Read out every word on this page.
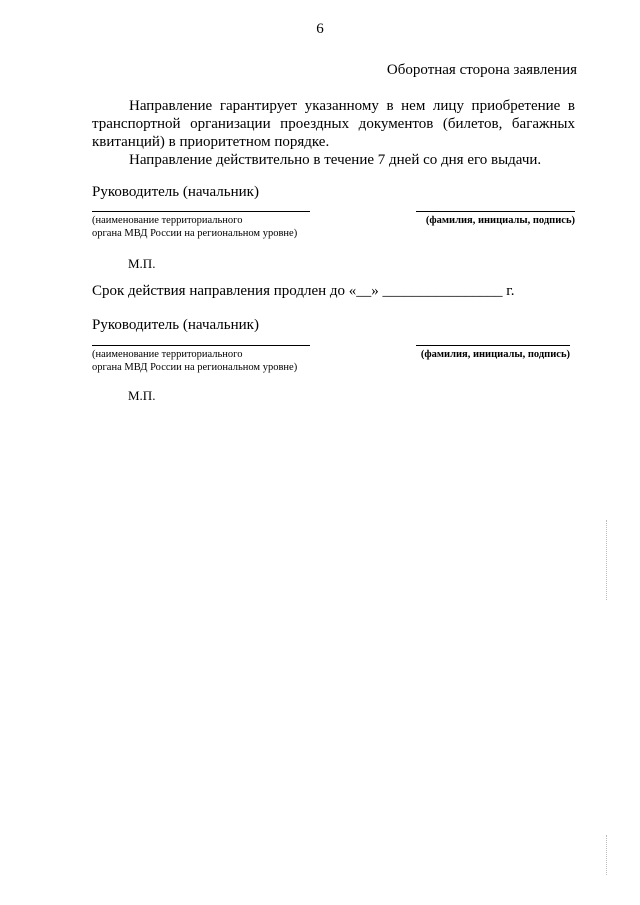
6
Оборотная сторона заявления
Направление гарантирует указанному в нем лицу приобретение в транспортной организации проездных документов (билетов, багажных квитанций) в приоритетном порядке.
Направление действительно в течение 7 дней со дня его выдачи.
Руководитель (начальник)
(наименование территориального
органа МВД России на региональном уровне)
(фамилия, инициалы, подпись)
М.П.
Срок действия направления продлен до «__» ________________ г.
Руководитель (начальник)
(наименование территориального
органа МВД России на региональном уровне)
(фамилия, инициалы, подпись)
М.П.
